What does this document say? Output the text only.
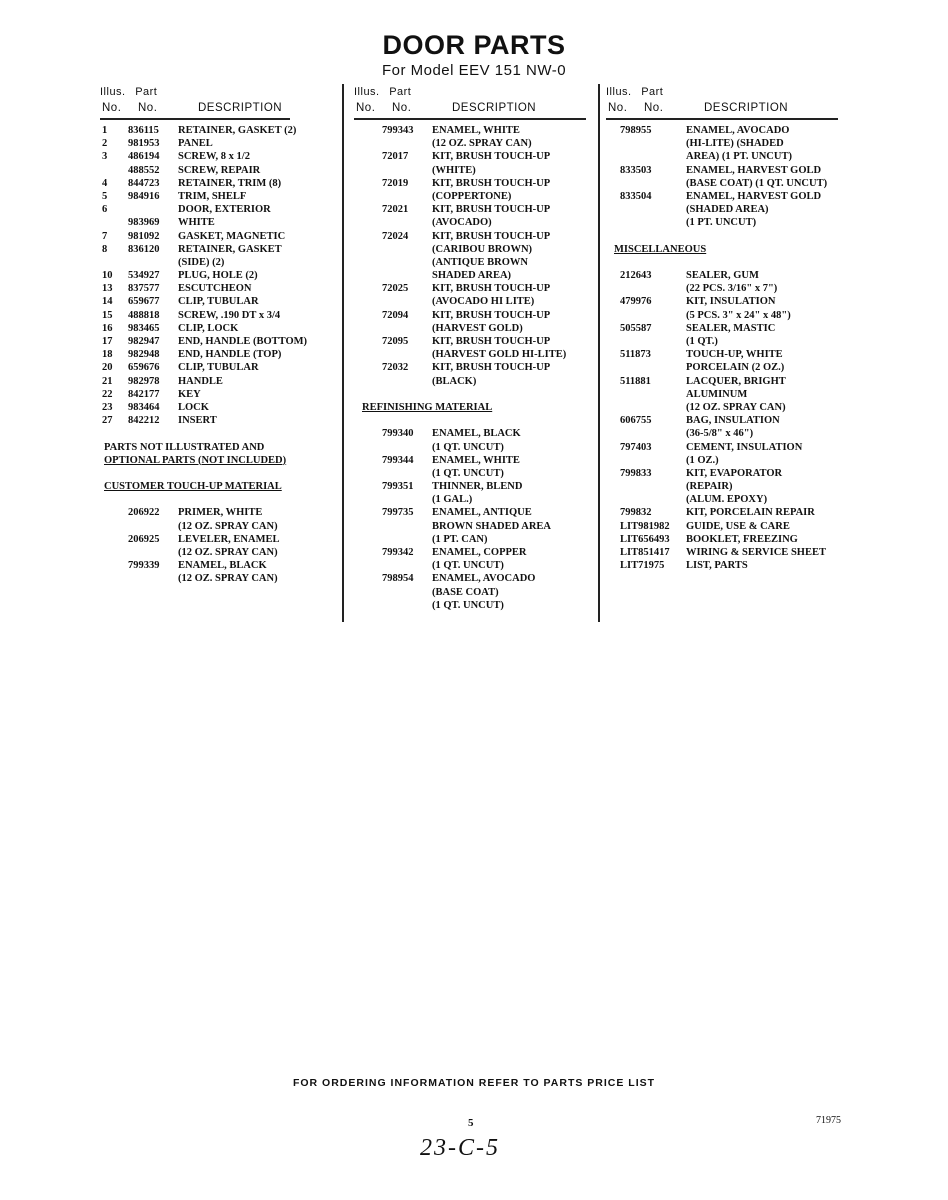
DOOR PARTS
For Model EEV 151 NW-0
Illus. Part
No. No.	DESCRIPTION
1 836115 RETAINER, GASKET (2)
2 981953 PANEL
3 486194 SCREW, 8 x 1/2
488552 SCREW, REPAIR
4 844723 RETAINER, TRIM (8)
5 984916 TRIM, SHELF
6	DOOR, EXTERIOR
983969 WHITE
7 981092 GASKET, MAGNETIC
8 836120 RETAINER, GASKET
(SIDE) (2)
10 534927 PLUG, HOLE (2)
13 837577 ESCUTCHEON
14 659677 CLIP, TUBULAR
15 488818 SCREW, .190 DT x 3/4
16 983465 CLIP, LOCK
17 982947 END, HANDLE (BOTTOM)
18 982948 END, HANDLE (TOP)
20 659676 CLIP, TUBULAR
21 982978 HANDLE
22 842177 KEY
23 983464 LOCK
27 842212 INSERT
PARTS NOT ILLUSTRATED AND
OPTIONAL PARTS (NOT INCLUDED)
CUSTOMER TOUCH-UP MATERIAL
206922 PRIMER, WHITE
(12 OZ. SPRAY CAN)
206925 LEVELER, ENAMEL
(12 OZ. SPRAY CAN)
799339 ENAMEL, BLACK
(12 OZ. SPRAY CAN)
Illus. Part
No. No.	DESCRIPTION
799343 ENAMEL, WHITE
(12 OZ. SPRAY CAN)
72017 KIT, BRUSH TOUCH-UP
(WHITE)
72019 KIT, BRUSH TOUCH-UP
(COPPERTONE)
72021 KIT, BRUSH TOUCH-UP
(AVOCADO)
72024 KIT, BRUSH TOUCH-UP
(CARIBOU BROWN)
(ANTIQUE BROWN
SHADED AREA)
72025 KIT, BRUSH TOUCH-UP
(AVOCADO HI LITE)
72094 KIT, BRUSH TOUCH-UP
(HARVEST GOLD)
72095 KIT, BRUSH TOUCH-UP
(HARVEST GOLD HI-LITE)
72032 KIT, BRUSH TOUCH-UP
(BLACK)
REFINISHING MATERIAL
799340 ENAMEL, BLACK
(1 QT. UNCUT)
799344 ENAMEL, WHITE
(1 QT. UNCUT)
799351 THINNER, BLEND
(1 GAL.)
799735 ENAMEL, ANTIQUE
BROWN SHADED AREA
(1 PT. CAN)
799342 ENAMEL, COPPER
(1 QT. UNCUT)
798954 ENAMEL, AVOCADO
(BASE COAT)
(1 QT. UNCUT)
Illus. Part
No. No.	DESCRIPTION
798955	ENAMEL, AVOCADO
(HI-LITE) (SHADED
AREA) (1 PT. UNCUT)
833503	ENAMEL, HARVEST GOLD
(BASE COAT) (1 QT. UNCUT)
833504	ENAMEL, HARVEST GOLD
(SHADED AREA)
(1 PT. UNCUT)
MISCELLANEOUS
212643	SEALER, GUM
(22 PCS. 3/16" x 7")
479976	KIT, INSULATION
(5 PCS. 3" x 24" x 48")
505587	SEALER, MASTIC
(1 QT.)
511873	TOUCH-UP, WHITE
PORCELAIN (2 OZ.)
511881	LACQUER, BRIGHT
ALUMINUM
(12 OZ. SPRAY CAN)
606755	BAG, INSULATION
(36-5/8" x 46")
797403	CEMENT, INSULATION
(1 OZ.)
799833	KIT, EVAPORATOR
(REPAIR)
(ALUM. EPOXY)
799832	KIT, PORCELAIN REPAIR
LIT981982 GUIDE, USE & CARE
LIT656493 BOOKLET, FREEZING
LIT851417 WIRING & SERVICE SHEET
LIT71975 LIST, PARTS
FOR ORDERING INFORMATION REFER TO PARTS PRICE LIST
5	71975
23-C-5
